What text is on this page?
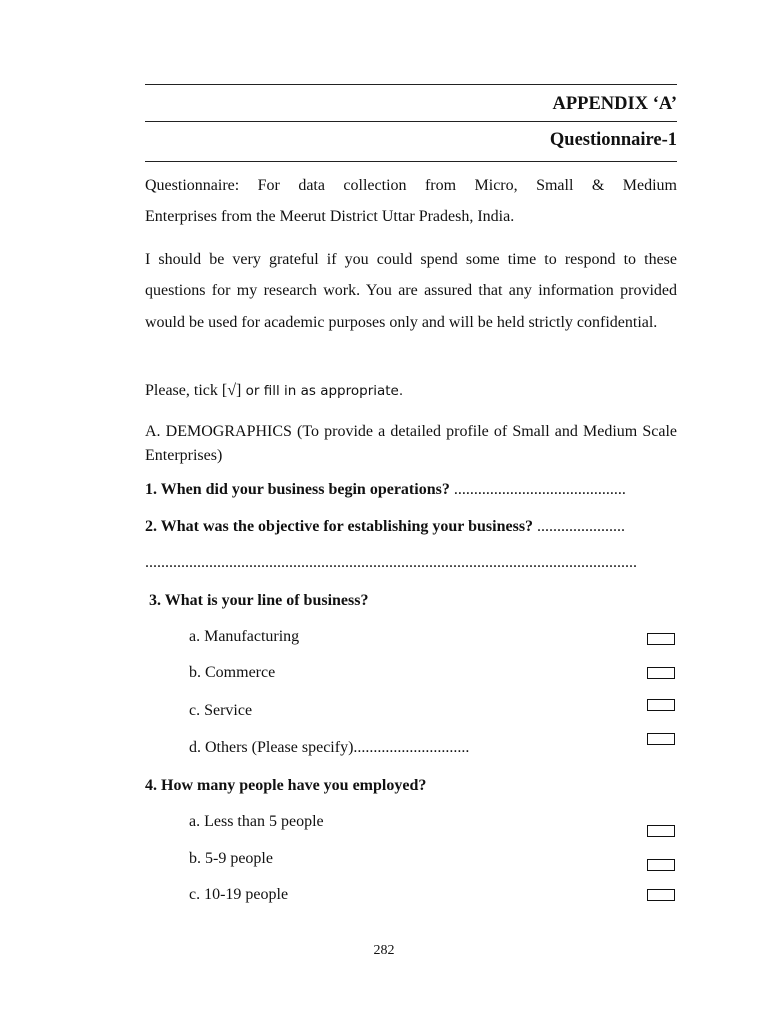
APPENDIX ‘A’
Questionnaire-1
Questionnaire: For data collection from Micro, Small & Medium
Enterprises from the Meerut District Uttar Pradesh, India.
I should be very grateful if you could spend some time to respond to these questions for my research work. You are assured that any information provided would be used for academic purposes only and will be held strictly confidential.
Please, tick [√] or fill in as appropriate.
A. DEMOGRAPHICS (To provide a detailed profile of Small and Medium Scale Enterprises)
1. When did your business begin operations? ...........................................
2. What was the objective for establishing your business? ......................
...........................................................................................................................
3. What is your line of business?
a. Manufacturing
b. Commerce
c. Service
d. Others (Please specify).............................
4. How many people have you employed?
a. Less than 5 people
b. 5-9 people
c. 10-19 people
282
